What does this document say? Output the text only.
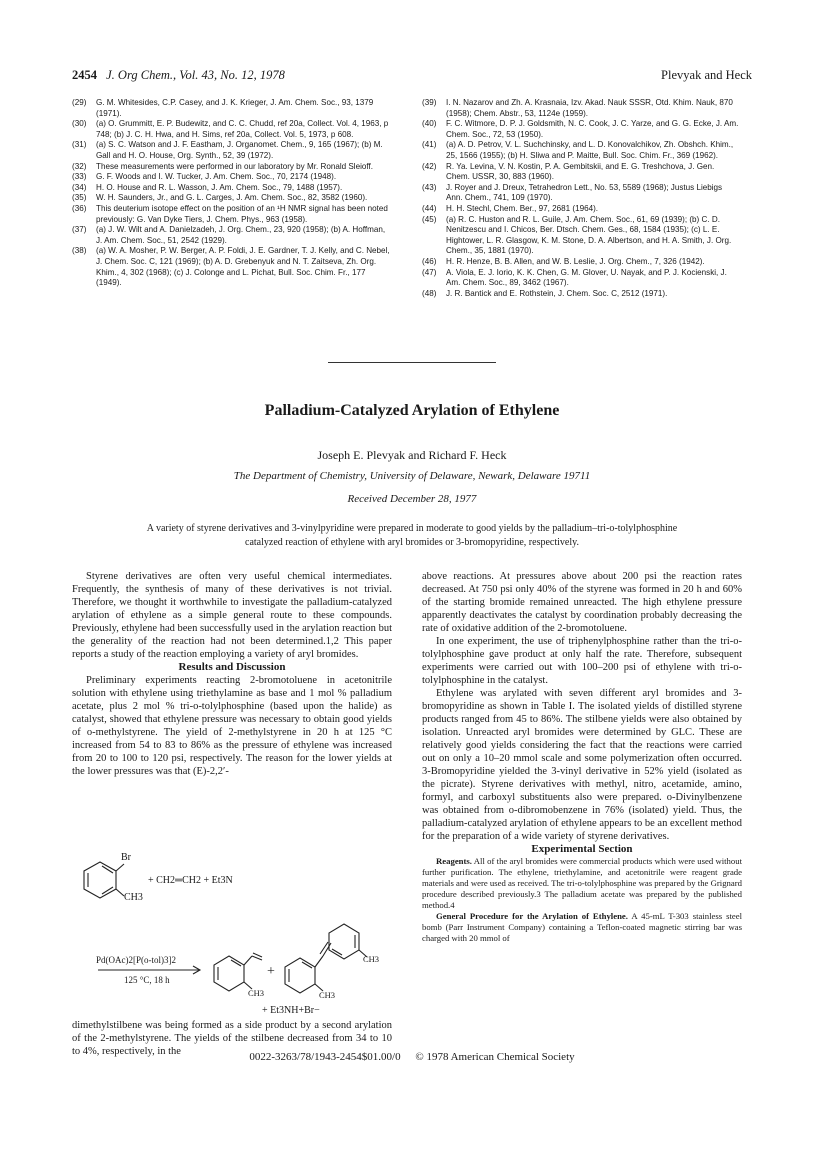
2454 J. Org Chem., Vol. 43, No. 12, 1978	Plevyak and Heck

(29) G. M. Whitesides, C.P. Casey, and J. K. Krieger, J. Am. Chem. Soc., 93, 1379 (1971).

(30) (a) O. Grummitt, E. P. Budewitz, and C. C. Chudd, ref 20a, Collect. Vol. 4, 1963, p 748; (b) J. C. H. Hwa, and H. Sims, ref 20a, Collect. Vol. 5, 1973, p 608.

(31) (a) S. C. Watson and J. F. Eastham, J. Organomet. Chem., 9, 165 (1967); (b) M. Gall and H. O. House, Org. Synth., 52, 39 (1972).

(32) These measurements were performed in our laboratory by Mr. Ronald Sleioff.

(33) G. F. Woods and I. W. Tucker, J. Am. Chem. Soc., 70, 2174 (1948).

(34) H. O. House and R. L. Wasson, J. Am. Chem. Soc., 79, 1488 (1957).

(35) W. H. Saunders, Jr., and G. L. Carges, J. Am. Chem. Soc., 82, 3582 (1960).

(36) This deuterium isotope effect on the position of an ¹H NMR signal has been noted previously: G. Van Dyke Tiers, J. Chem. Phys., 963 (1958).

(37) (a) J. W. Wilt and A. Danielzadeh, J. Org. Chem., 23, 920 (1958); (b) A. Hoffman, J. Am. Chem. Soc., 51, 2542 (1929).

(38) (a) W. A. Mosher, P. W. Berger, A. P. Foldi, J. E. Gardner, T. J. Kelly, and C. Nebel, J. Chem. Soc. C, 121 (1969); (b) A. D. Grebenyuk and N. T. Zaitseva, Zh. Org. Khim., 4, 302 (1968); (c) J. Colonge and L. Pichat, Bull. Soc. Chim. Fr., 177 (1949).

(39) I. N. Nazarov and Zh. A. Krasnaia, Izv. Akad. Nauk SSSR, Otd. Khim. Nauk, 870 (1958); Chem. Abstr., 53, 1124e (1959).

(40) F. C. Witmore, D. P. J. Goldsmith, N. C. Cook, J. C. Yarze, and G. G. Ecke, J. Am. Chem. Soc., 72, 53 (1950).

(41) (a) A. D. Petrov, V. L. Suchchinsky, and L. D. Konovalchikov, Zh. Obshch. Khim., 25, 1566 (1955); (b) H. Sliwa and P. Maitte, Bull. Soc. Chim. Fr., 369 (1962).

(42) R. Ya. Levina, V. N. Kostin, P. A. Gembitskii, and E. G. Treshchova, J. Gen. Chem. USSR, 30, 883 (1960).

(43) J. Royer and J. Dreux, Tetrahedron Lett., No. 53, 5589 (1968); Justus Liebigs Ann. Chem., 741, 109 (1970).

(44) H. H. Stechl, Chem. Ber., 97, 2681 (1964).

(45) (a) R. C. Huston and R. L. Guile, J. Am. Chem. Soc., 61, 69 (1939); (b) C. D. Nenitzescu and I. Chicos, Ber. Dtsch. Chem. Ges., 68, 1584 (1935); (c) L. E. Hightower, L. R. Glasgow, K. M. Stone, D. A. Albertson, and H. A. Smith, J. Org. Chem., 35, 1881 (1970).

(46) H. R. Henze, B. B. Allen, and W. B. Leslie, J. Org. Chem., 7, 326 (1942).

(47) A. Viola, E. J. Iorio, K. K. Chen, G. M. Glover, U. Nayak, and P. J. Kocienski, J. Am. Chem. Soc., 89, 3462 (1967).

(48) J. R. Bantick and E. Rothstein, J. Chem. Soc. C, 2512 (1971).

Palladium-Catalyzed Arylation of Ethylene
Joseph E. Plevyak and Richard F. Heck
The Department of Chemistry, University of Delaware, Newark, Delaware 19711
Received December 28, 1977
A variety of styrene derivatives and 3-vinylpyridine were prepared in moderate to good yields by the palladium–tri-o-tolylphosphine catalyzed reaction of ethylene with aryl bromides or 3-bromopyridine, respectively.

Styrene derivatives are often very useful chemical intermediates. Frequently, the synthesis of many of these derivatives is not trivial. Therefore, we thought it worthwhile to investigate the palladium-catalyzed arylation of ethylene as a simple general route to these compounds. Previously, ethylene had been successfully used in the arylation reaction but the generality of the reaction had not been determined.1,2 This paper reports a study of the reaction employing a variety of aryl bromides.

Results and Discussion

Preliminary experiments reacting 2-bromotoluene in acetonitrile solution with ethylene using triethylamine as base and 1 mol % palladium acetate, plus 2 mol % tri-o-tolylphosphine (based upon the halide) as catalyst, showed that ethylene pressure was necessary to obtain good yields of o-methylstyrene. The yield of 2-methylstyrene in 20 h at 125 °C increased from 54 to 83 to 86% as the pressure of ethylene was increased from 20 to 100 to 120 psi, respectively. The reason for the lower yields at the lower pressures was that (E)-2,2′-

Br
CH3
+ CH2═CH2 + Et3N
Pd(OAc)2[P(o-tol)3]2
125 °C, 18 h
CH3
+
CH3
CH3
+ Et3NH+Br−

dimethylstilbene was being formed as a side product by a second arylation of the 2-methylstyrene. The yields of the stilbene decreased from 34 to 10 to 4%, respectively, in the

above reactions. At pressures above about 200 psi the reaction rates decreased. At 750 psi only 40% of the styrene was formed in 20 h and 60% of the starting bromide remained unreacted. The high ethylene pressure apparently deactivates the catalyst by coordination probably decreasing the rate of oxidative addition of the 2-bromotoluene.

In one experiment, the use of triphenylphosphine rather than the tri-o-tolylphosphine gave product at only half the rate. Therefore, subsequent experiments were carried out with 100–200 psi of ethylene with tri-o-tolylphosphine in the catalyst.

Ethylene was arylated with seven different aryl bromides and 3-bromopyridine as shown in Table I. The isolated yields of distilled styrene products ranged from 45 to 86%. The stilbene yields were also obtained by isolation. Unreacted aryl bromides were determined by GLC. These are relatively good yields considering the fact that the reactions were carried out on only a 10–20 mmol scale and some polymerization often occurred. 3-Bromopyridine yielded the 3-vinyl derivative in 52% yield (isolated as the picrate). Styrene derivatives with methyl, nitro, acetamide, amino, formyl, and carboxyl substituents also were prepared. o-Divinylbenzene was obtained from o-dibromobenzene in 76% (isolated) yield. Thus, the palladium-catalyzed arylation of ethylene appears to be an excellent method for the preparation of a wide variety of styrene derivatives.

Experimental Section

Reagents. All of the aryl bromides were commercial products which were used without further purification. The ethylene, triethylamine, and acetonitrile were reagent grade materials and were used as received. The tri-o-tolylphosphine was prepared by the Grignard procedure described previously.3 The palladium acetate was prepared by the published method.4

General Procedure for the Arylation of Ethylene. A 45-mL T-303 stainless steel bomb (Parr Instrument Company) containing a Teflon-coated magnetic stirring bar was charged with 20 mmol of

0022-3263/78/1943-2454$01.00/0 © 1978 American Chemical Society
